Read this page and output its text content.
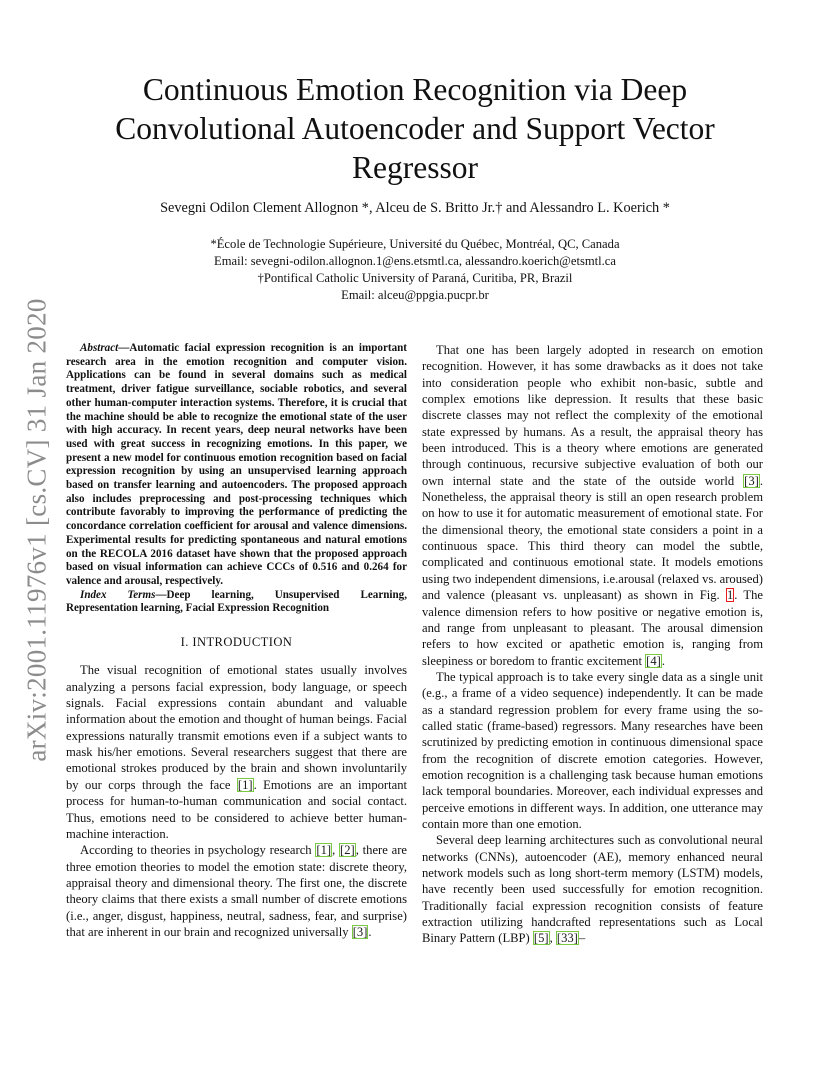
arXiv:2001.11976v1 [cs.CV] 31 Jan 2020
Continuous Emotion Recognition via Deep Convolutional Autoencoder and Support Vector Regressor
Sevegni Odilon Clement Allognon *, Alceu de S. Britto Jr.† and Alessandro L. Koerich *
*École de Technologie Supérieure, Université du Québec, Montréal, QC, Canada
Email: sevegni-odilon.allognon.1@ens.etsmtl.ca, alessandro.koerich@etsmtl.ca
†Pontifical Catholic University of Paraná, Curitiba, PR, Brazil
Email: alceu@ppgia.pucpr.br

Abstract—Automatic facial expression recognition is an important research area in the emotion recognition and computer vision. Applications can be found in several domains such as medical treatment, driver fatigue surveillance, sociable robotics, and several other human-computer interaction systems. Therefore, it is crucial that the machine should be able to recognize the emotional state of the user with high accuracy. In recent years, deep neural networks have been used with great success in recognizing emotions. In this paper, we present a new model for continuous emotion recognition based on facial expression recognition by using an unsupervised learning approach based on transfer learning and autoencoders. The proposed approach also includes preprocessing and post-processing techniques which contribute favorably to improving the performance of predicting the concordance correlation coefficient for arousal and valence dimensions. Experimental results for predicting spontaneous and natural emotions on the RECOLA 2016 dataset have shown that the proposed approach based on visual information can achieve CCCs of 0.516 and 0.264 for valence and arousal, respectively.

Index Terms—Deep learning, Unsupervised Learning, Representation learning, Facial Expression Recognition

I. INTRODUCTION

The visual recognition of emotional states usually involves analyzing a persons facial expression, body language, or speech signals. Facial expressions contain abundant and valuable information about the emotion and thought of human beings. Facial expressions naturally transmit emotions even if a subject wants to mask his/her emotions. Several researchers suggest that there are emotional strokes produced by the brain and shown involuntarily by our corps through the face [1]. Emotions are an important process for human-to-human communication and social contact. Thus, emotions need to be considered to achieve better human-machine interaction.

According to theories in psychology research [1], [2], there are three emotion theories to model the emotion state: discrete theory, appraisal theory and dimensional theory. The first one, the discrete theory claims that there exists a small number of discrete emotions (i.e., anger, disgust, happiness, neutral, sadness, fear, and surprise) that are inherent in our brain and recognized universally [3].

That one has been largely adopted in research on emotion recognition. However, it has some drawbacks as it does not take into consideration people who exhibit non-basic, subtle and complex emotions like depression. It results that these basic discrete classes may not reflect the complexity of the emotional state expressed by humans. As a result, the appraisal theory has been introduced. This is a theory where emotions are generated through continuous, recursive subjective evaluation of both our own internal state and the state of the outside world [3]. Nonetheless, the appraisal theory is still an open research problem on how to use it for automatic measurement of emotional state. For the dimensional theory, the emotional state considers a point in a continuous space. This third theory can model the subtle, complicated and continuous emotional state. It models emotions using two independent dimensions, i.e.arousal (relaxed vs. aroused) and valence (pleasant vs. unpleasant) as shown in Fig. 1. The valence dimension refers to how positive or negative emotion is, and range from unpleasant to pleasant. The arousal dimension refers to how excited or apathetic emotion is, ranging from sleepiness or boredom to frantic excitement [4].

The typical approach is to take every single data as a single unit (e.g., a frame of a video sequence) independently. It can be made as a standard regression problem for every frame using the so-called static (frame-based) regressors. Many researches have been scrutinized by predicting emotion in continuous dimensional space from the recognition of discrete emotion categories. However, emotion recognition is a challenging task because human emotions lack temporal boundaries. Moreover, each individual expresses and perceive emotions in different ways. In addition, one utterance may contain more than one emotion.

Several deep learning architectures such as convolutional neural networks (CNNs), autoencoder (AE), memory enhanced neural network models such as long short-term memory (LSTM) models, have recently been used successfully for emotion recognition. Traditionally facial expression recognition consists of feature extraction utilizing handcrafted representations such as Local Binary Pattern (LBP) [5], [33]–
